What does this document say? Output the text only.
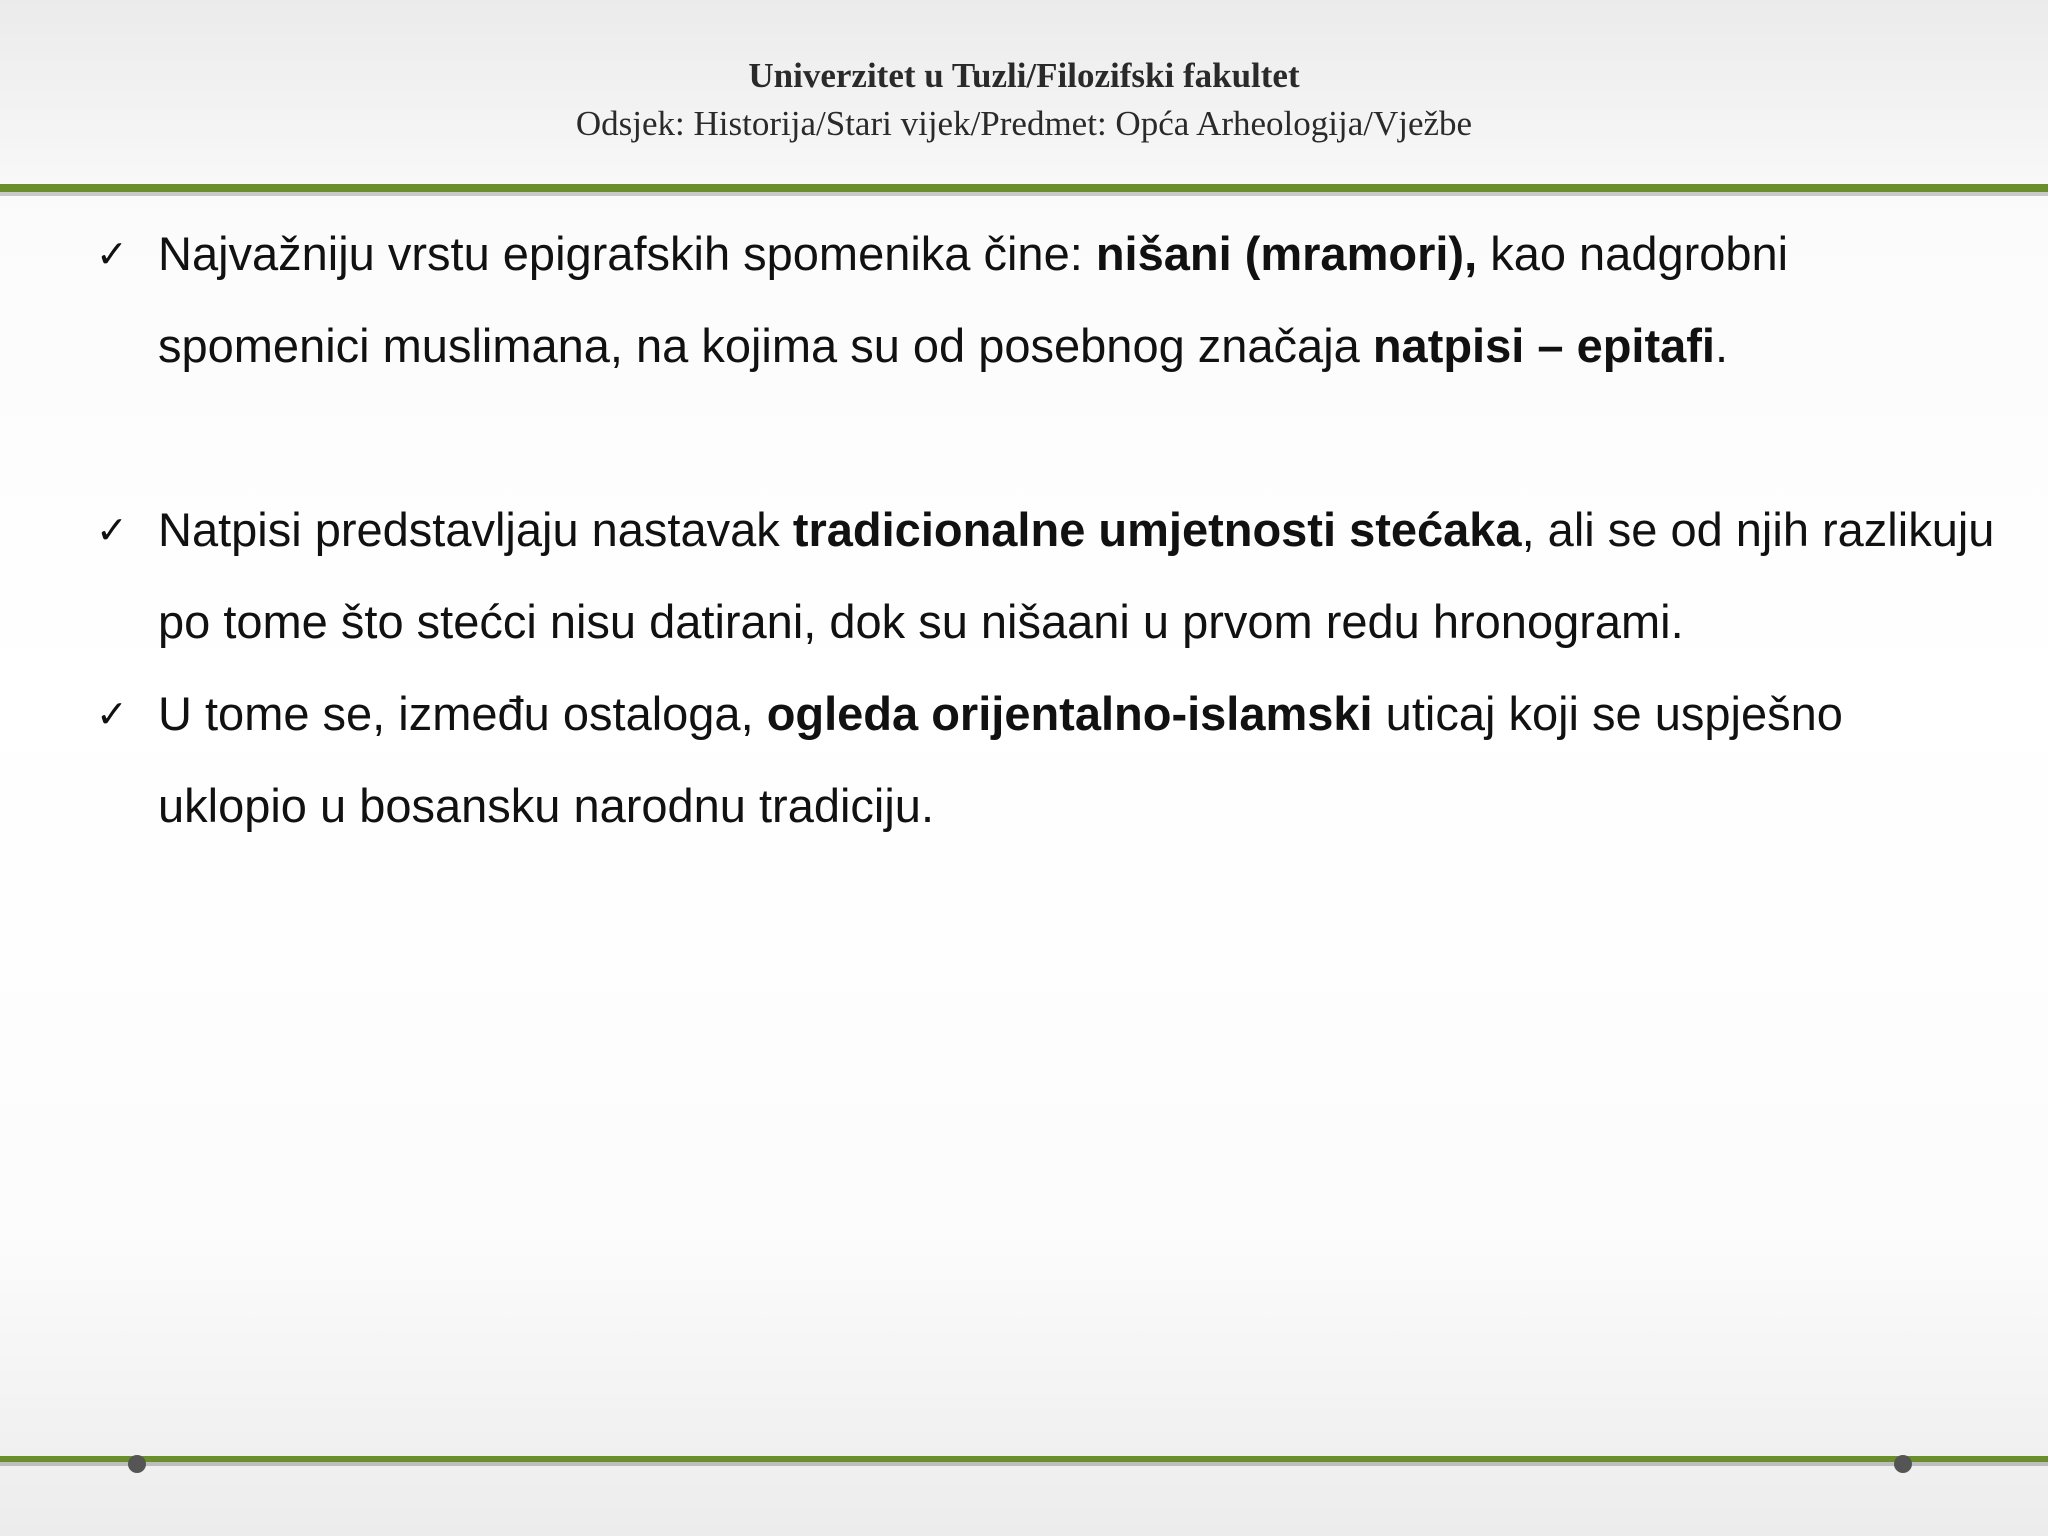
Univerzitet u Tuzli/Filozifski fakultet
Odsjek: Historija/Stari vijek/Predmet: Opća Arheologija/Vježbe
✓ Najvažniju vrstu epigrafskih spomenika čine: nišani (mramori), kao nadgrobni spomenici muslimana, na kojima su od posebnog značaja natpisi – epitafi.
✓ Natpisi predstavljaju nastavak tradicionalne umjetnosti stećaka, ali se od njih razlikuju po tome što stećci nisu datirani, dok su nišaani u prvom redu hronogrami.
✓ U tome se, između ostaloga, ogleda orijentalno-islamski uticaj koji se uspješno uklopio u bosansku narodnu tradiciju.
